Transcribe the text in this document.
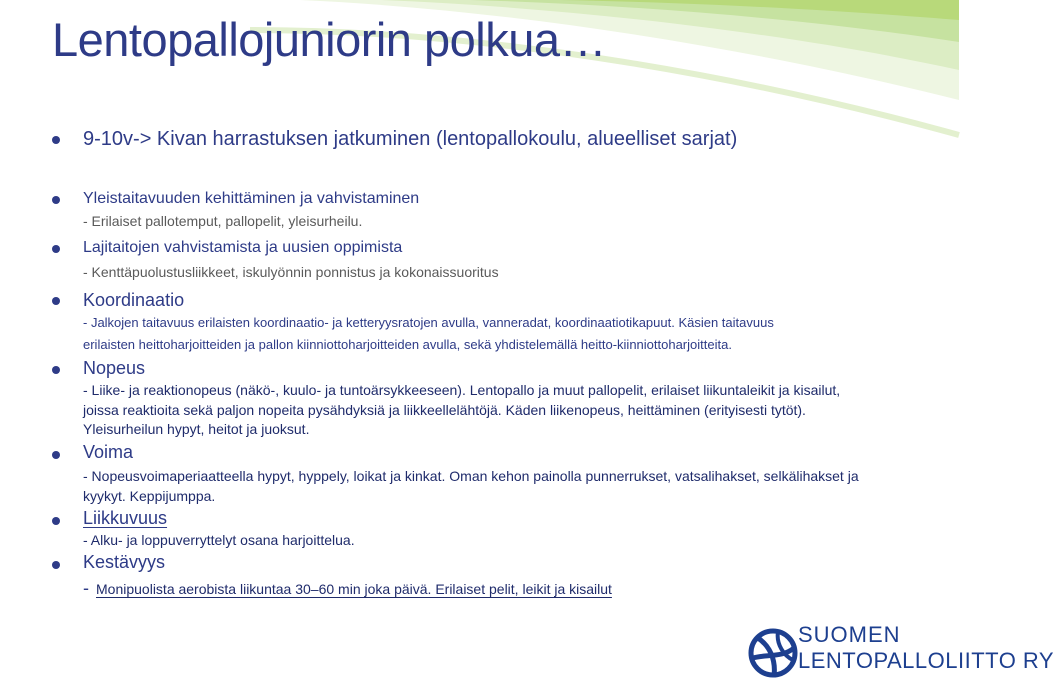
Lentopallojuniorin polkua…
9-10v-> Kivan harrastuksen jatkuminen (lentopallokoulu, alueelliset sarjat)
Yleistaitavuuden kehittäminen ja vahvistaminen
- Erilaiset pallotemput, pallopelit, yleisurheilu.
Lajitaitojen vahvistamista ja uusien oppimista
- Kenttäpuolustusliikkeet, iskulyönnin ponnistus ja kokonaissuoritus
Koordinaatio
- Jalkojen taitavuus erilaisten koordinaatio- ja ketteryysratojen avulla, vanneradat, koordinaatiotikapuut. Käsien taitavuus
erilaisten heittoharjoitteiden ja pallon kiinniottoharjoitteiden avulla, sekä yhdistelemällä heitto-kiinniottoharjoitteita.
Nopeus
- Liike- ja reaktionopeus (näkö-, kuulo- ja tuntoärsykkeeseen). Lentopallo ja muut pallopelit, erilaiset liikuntaleikit ja kisailut,
joissa reaktioita sekä paljon nopeita pysähdyksiä ja liikkeellelähtöjä. Käden liikenopeus, heittäminen (erityisesti tytöt).
Yleisurheilun hypyt, heitot ja juoksut.
Voima
- Nopeusvoimaperiaatteella hypyt, hyppely, loikat ja kinkat. Oman kehon painolla punnerrukset, vatsalihakset, selkälihakset ja
kyykyt. Keppijumppa.
Liikkuvuus
- Alku- ja loppuverryttelyt osana harjoittelua.
Kestävyys
- Monipuolista aerobista liikuntaa 30–60 min joka päivä. Erilaiset pelit, leikit ja kisailut
SUOMEN
LENTOPALLOLIITTO RY
